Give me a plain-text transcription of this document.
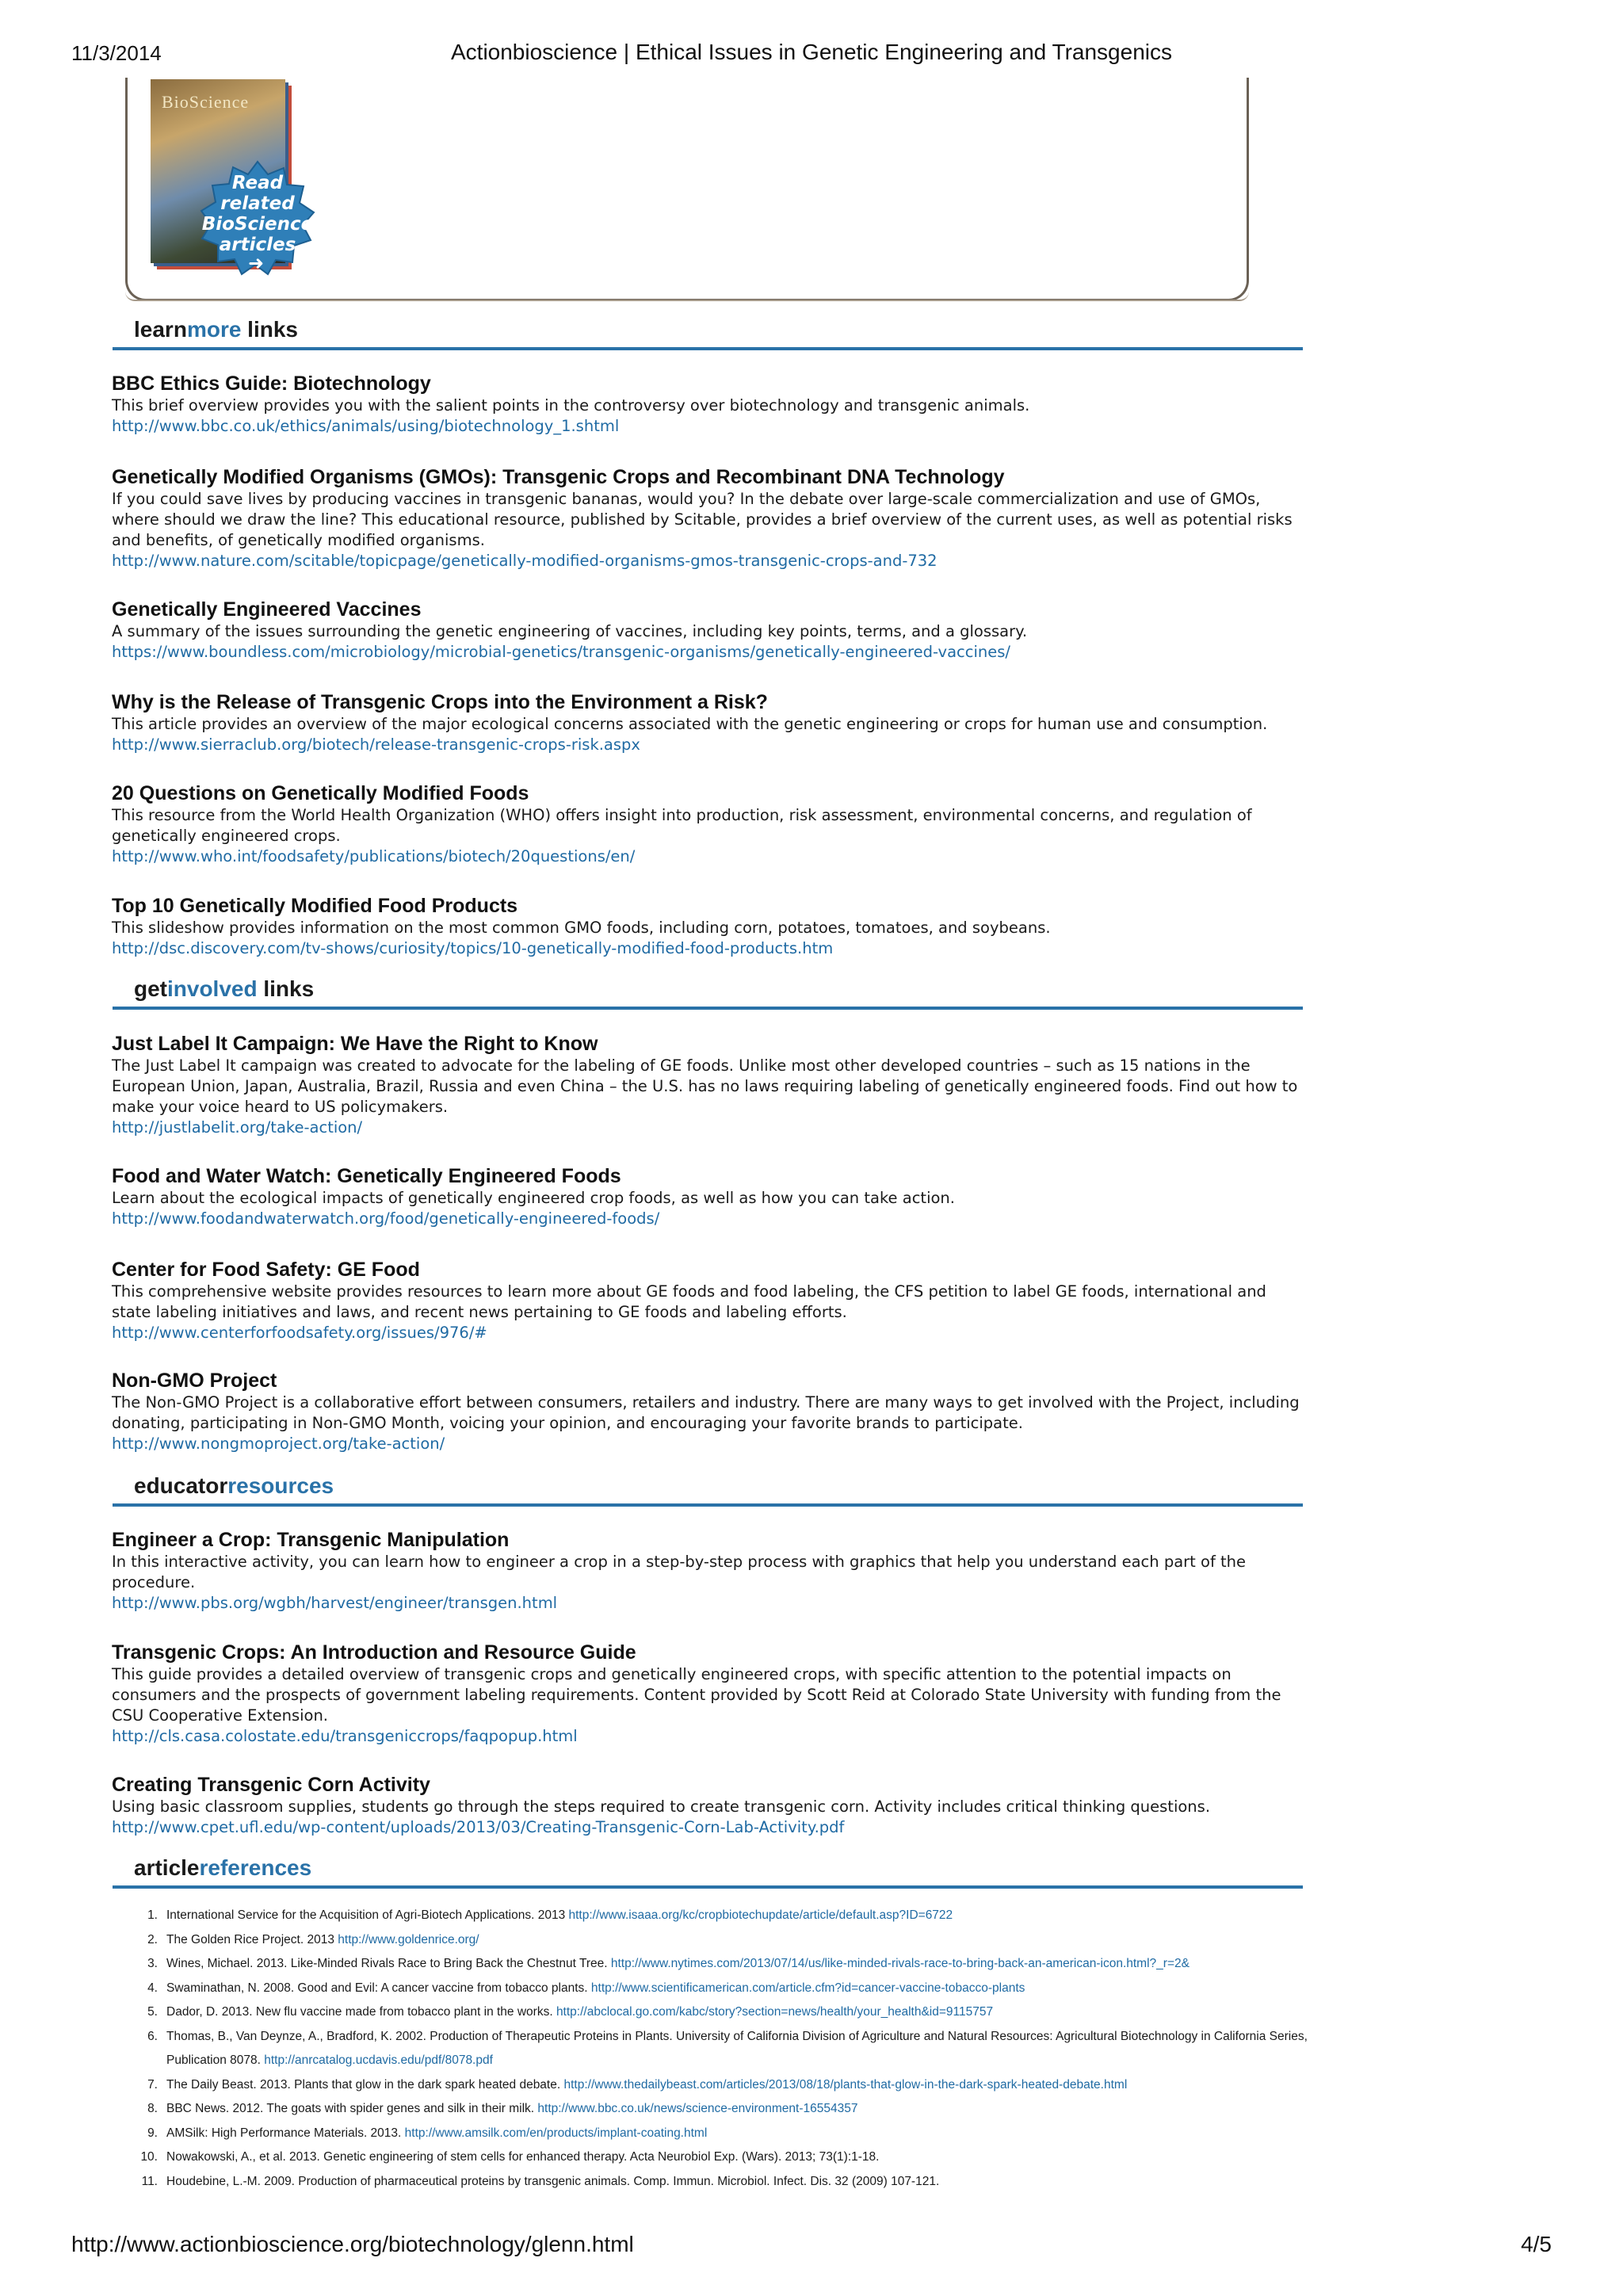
11/3/2014	Actionbioscience | Ethical Issues in Genetic Engineering and Transgenics
BioScience
Read
related
BioScience
articles
➜
learnmore links
BBC Ethics Guide: Biotechnology

This brief overview provides you with the salient points in the controversy over biotechnology and transgenic animals.

http://www.bbc.co.uk/ethics/animals/using/biotechnology_1.shtml
Genetically Modified Organisms (GMOs): Transgenic Crops and Recombinant DNA Technology

If you could save lives by producing vaccines in transgenic bananas, would you? In the debate over large-scale commercialization and use of GMOs, where should we draw the line? This educational resource, published by Scitable, provides a brief overview of the current uses, as well as potential risks and benefits, of genetically modified organisms.

http://www.nature.com/scitable/topicpage/genetically-modified-organisms-gmos-transgenic-crops-and-732
Genetically Engineered Vaccines

A summary of the issues surrounding the genetic engineering of vaccines, including key points, terms, and a glossary.

https://www.boundless.com/microbiology/microbial-genetics/transgenic-organisms/genetically-engineered-vaccines/
Why is the Release of Transgenic Crops into the Environment a Risk?

This article provides an overview of the major ecological concerns associated with the genetic engineering or crops for human use and consumption.

http://www.sierraclub.org/biotech/release-transgenic-crops-risk.aspx
20 Questions on Genetically Modified Foods

This resource from the World Health Organization (WHO) offers insight into production, risk assessment, environmental concerns, and regulation of genetically engineered crops.

http://www.who.int/foodsafety/publications/biotech/20questions/en/
Top 10 Genetically Modified Food Products

This slideshow provides information on the most common GMO foods, including corn, potatoes, tomatoes, and soybeans.

http://dsc.discovery.com/tv-shows/curiosity/topics/10-genetically-modified-food-products.htm
getinvolved links
Just Label It Campaign: We Have the Right to Know

The Just Label It campaign was created to advocate for the labeling of GE foods. Unlike most other developed countries – such as 15 nations in the European Union, Japan, Australia, Brazil, Russia and even China – the U.S. has no laws requiring labeling of genetically engineered foods. Find out how to make your voice heard to US policymakers.

http://justlabelit.org/take-action/
Food and Water Watch: Genetically Engineered Foods

Learn about the ecological impacts of genetically engineered crop foods, as well as how you can take action.

http://www.foodandwaterwatch.org/food/genetically-engineered-foods/
Center for Food Safety: GE Food

This comprehensive website provides resources to learn more about GE foods and food labeling, the CFS petition to label GE foods, international and state labeling initiatives and laws, and recent news pertaining to GE foods and labeling efforts.

http://www.centerforfoodsafety.org/issues/976/#
Non-GMO Project

The Non-GMO Project is a collaborative effort between consumers, retailers and industry. There are many ways to get involved with the Project, including donating, participating in Non-GMO Month, voicing your opinion, and encouraging your favorite brands to participate.

http://www.nongmoproject.org/take-action/
educatorresources
Engineer a Crop: Transgenic Manipulation

In this interactive activity, you can learn how to engineer a crop in a step-by-step process with graphics that help you understand each part of the procedure.

http://www.pbs.org/wgbh/harvest/engineer/transgen.html
Transgenic Crops: An Introduction and Resource Guide

This guide provides a detailed overview of transgenic crops and genetically engineered crops, with specific attention to the potential impacts on consumers and the prospects of government labeling requirements. Content provided by Scott Reid at Colorado State University with funding from the CSU Cooperative Extension.

http://cls.casa.colostate.edu/transgeniccrops/faqpopup.html
Creating Transgenic Corn Activity

Using basic classroom supplies, students go through the steps required to create transgenic corn. Activity includes critical thinking questions.

http://www.cpet.ufl.edu/wp-content/uploads/2013/03/Creating-Transgenic-Corn-Lab-Activity.pdf
articlereferences
1. International Service for the Acquisition of Agri-Biotech Applications. 2013 http://www.isaaa.org/kc/cropbiotechupdate/article/default.asp?ID=6722
2. The Golden Rice Project. 2013 http://www.goldenrice.org/
3. Wines, Michael. 2013. Like-Minded Rivals Race to Bring Back the Chestnut Tree. http://www.nytimes.com/2013/07/14/us/like-minded-rivals-race-to-bring-back-an-american-icon.html?_r=2&
4. Swaminathan, N. 2008. Good and Evil: A cancer vaccine from tobacco plants. http://www.scientificamerican.com/article.cfm?id=cancer-vaccine-tobacco-plants
5. Dador, D. 2013. New flu vaccine made from tobacco plant in the works. http://abclocal.go.com/kabc/story?section=news/health/your_health&id=9115757
6. Thomas, B., Van Deynze, A., Bradford, K. 2002. Production of Therapeutic Proteins in Plants. University of California Division of Agriculture and Natural Resources: Agricultural Biotechnology in California Series, Publication 8078. http://anrcatalog.ucdavis.edu/pdf/8078.pdf
7. The Daily Beast. 2013. Plants that glow in the dark spark heated debate. http://www.thedailybeast.com/articles/2013/08/18/plants-that-glow-in-the-dark-spark-heated-debate.html
8. BBC News. 2012. The goats with spider genes and silk in their milk. http://www.bbc.co.uk/news/science-environment-16554357
9. AMSilk: High Performance Materials. 2013. http://www.amsilk.com/en/products/implant-coating.html
10. Nowakowski, A., et al. 2013. Genetic engineering of stem cells for enhanced therapy. Acta Neurobiol Exp. (Wars). 2013; 73(1):1-18.
11. Houdebine, L.-M. 2009. Production of pharmaceutical proteins by transgenic animals. Comp. Immun. Microbiol. Infect. Dis. 32 (2009) 107-121.
http://www.actionbioscience.org/biotechnology/glenn.html	4/5
